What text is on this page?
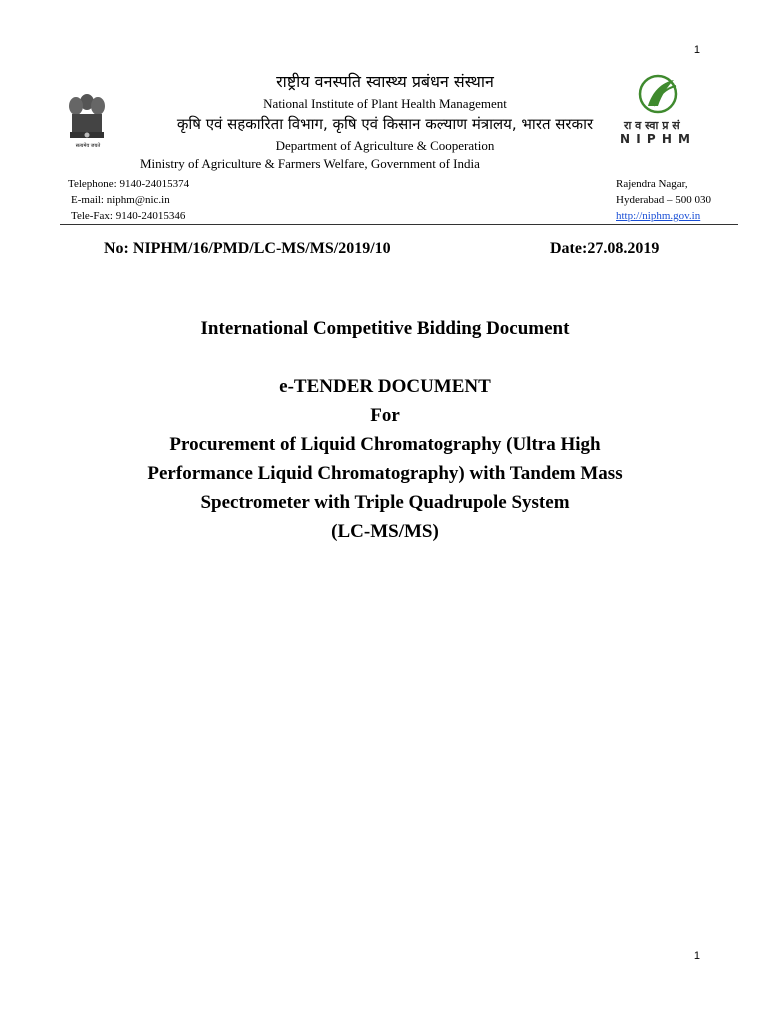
1
सत्यमेव जयते
रा व स्वा प्र सं
N I P H M
राष्ट्रीय वनस्पति स्वास्थ्य प्रबंधन संस्थान
National Institute of Plant Health Management
कृषि एवं सहकारिता विभाग, कृषि एवं किसान कल्याण मंत्रालय, भारत सरकार
Department of Agriculture & Cooperation
Ministry of Agriculture & Farmers Welfare, Government of India
Telephone: 9140-24015374
E-mail: niphm@nic.in
Tele-Fax: 9140-24015346
Rajendra Nagar,
Hyderabad – 500 030
http://niphm.gov.in
No: NIPHM/16/PMD/LC-MS/MS/2019/10	Date:27.08.2019
International Competitive Bidding Document
e-TENDER DOCUMENT
For
Procurement of Liquid Chromatography (Ultra High
Performance Liquid Chromatography) with Tandem Mass
Spectrometer with Triple Quadrupole System
(LC-MS/MS)
1
